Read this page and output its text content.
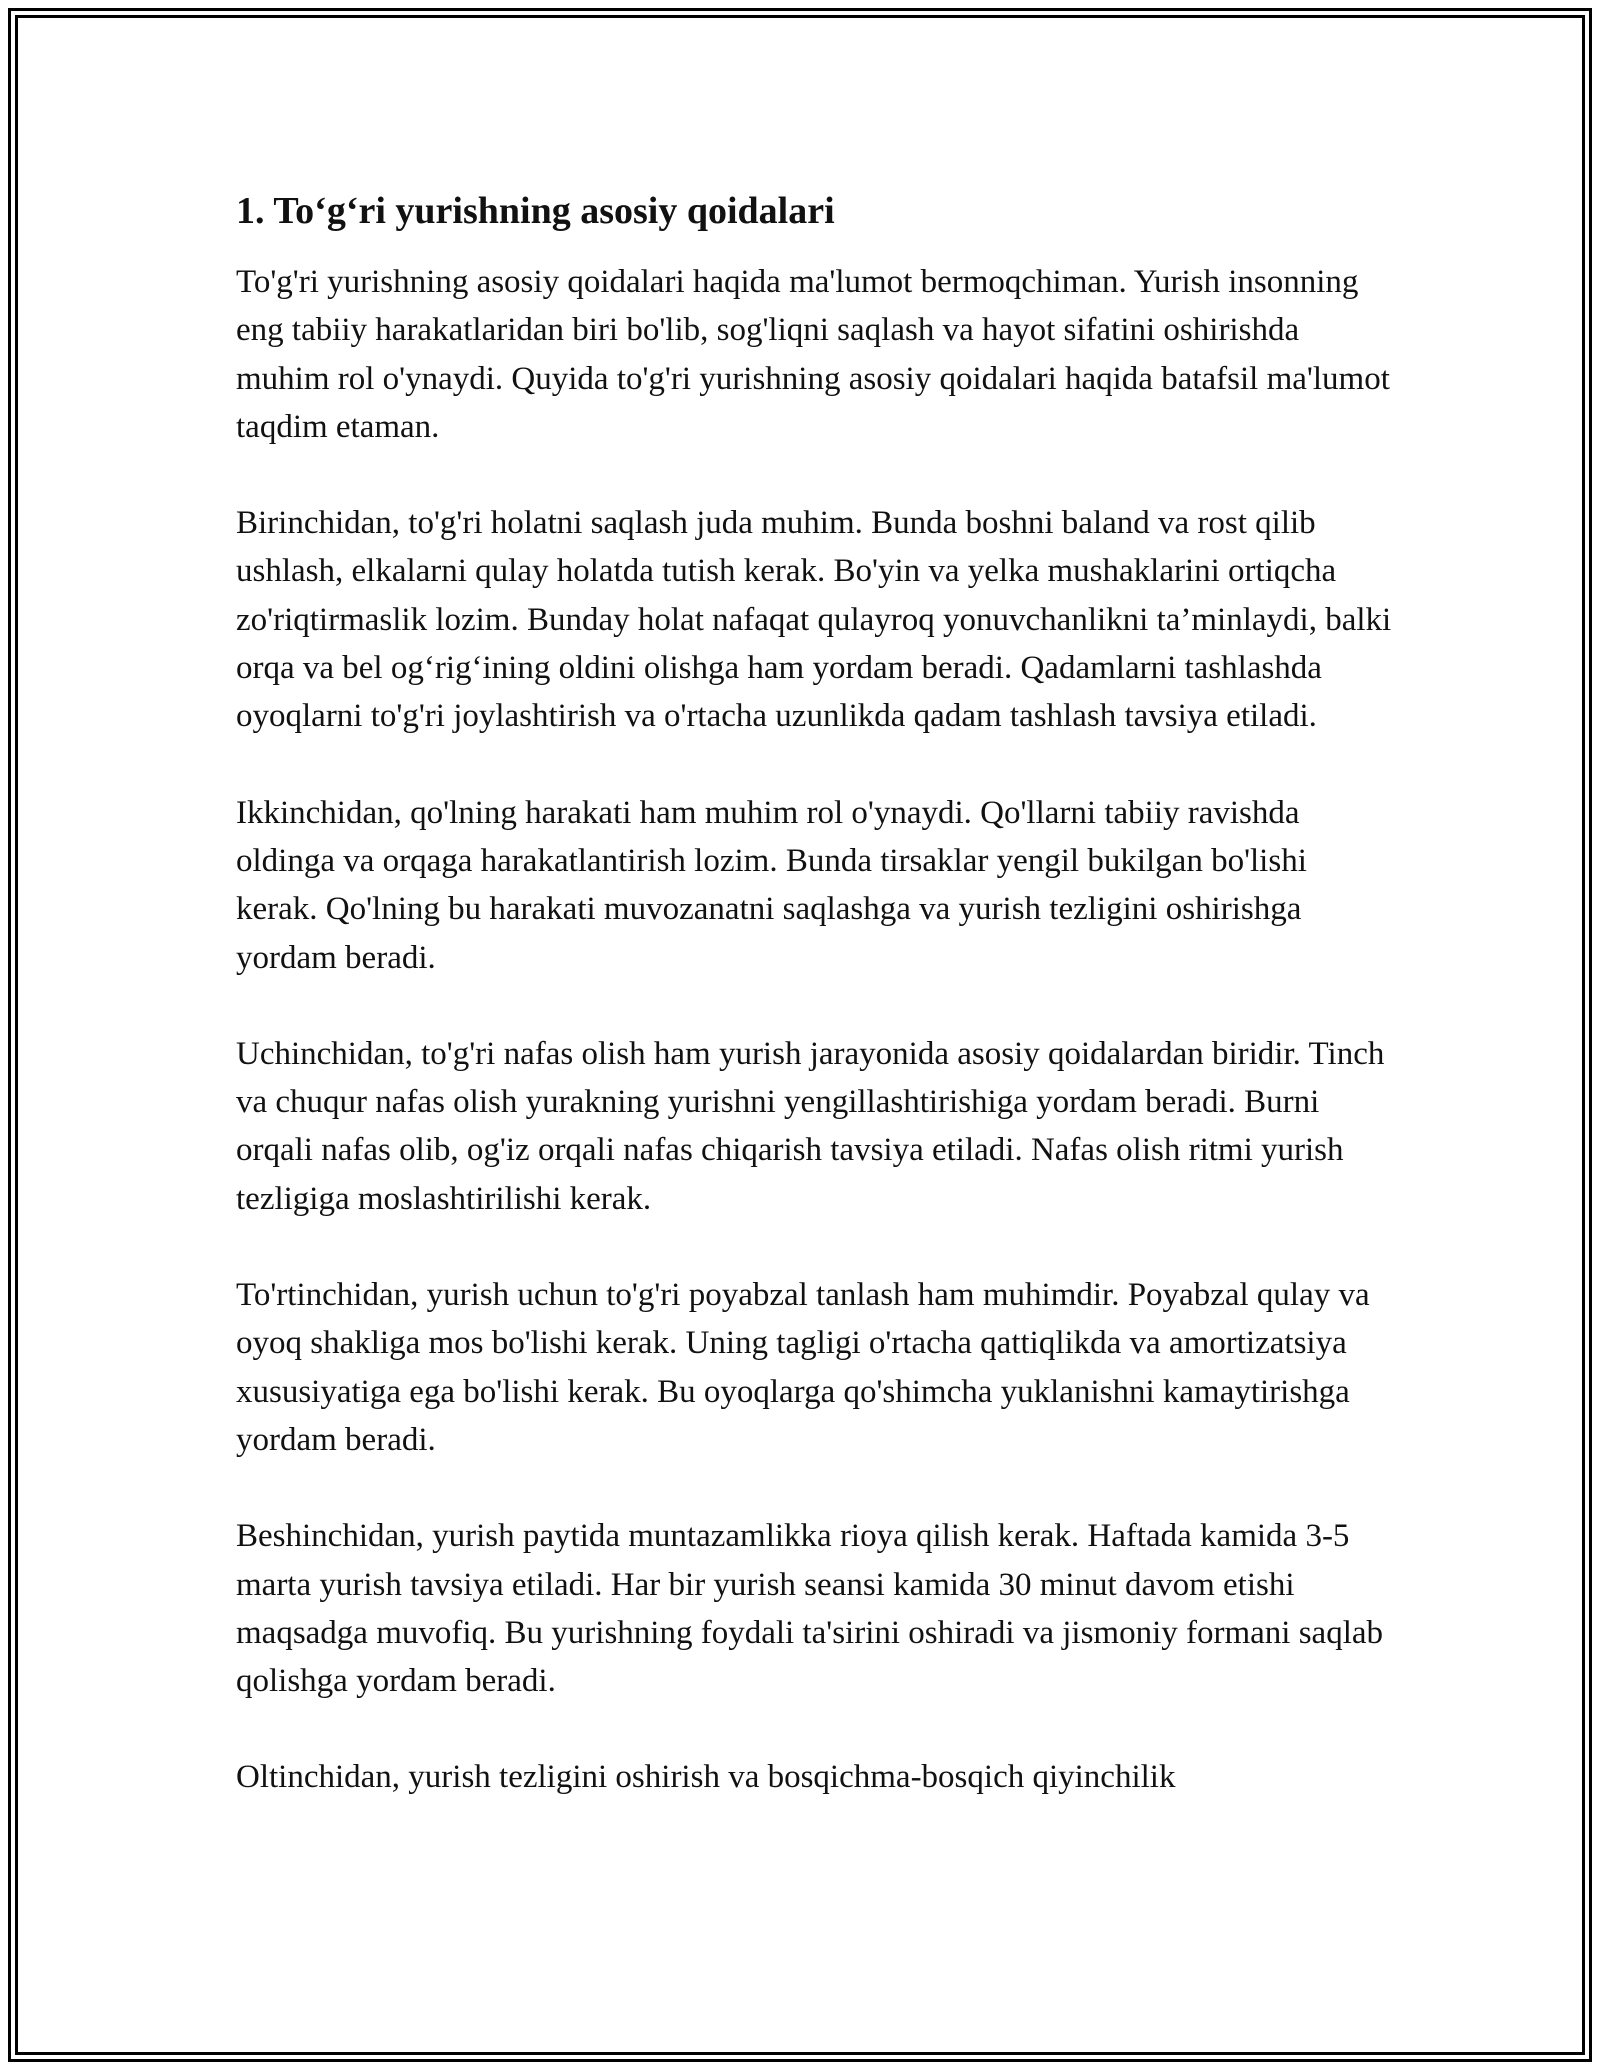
1. To‘g‘ri yurishning asosiy qoidalari

To'g'ri yurishning asosiy qoidalari haqida ma'lumot bermoqchiman. Yurish insonning eng tabiiy harakatlaridan biri bo'lib, sog'liqni saqlash va hayot sifatini oshirishda muhim rol o'ynaydi. Quyida to'g'ri yurishning asosiy qoidalari haqida batafsil ma'lumot taqdim etaman.

Birinchidan, to'g'ri holatni saqlash juda muhim. Bunda boshni baland va rost qilib ushlash, elkalarni qulay holatda tutish kerak. Bo'yin va yelka mushaklarini ortiqcha zo'riqtirmaslik lozim. Bunday holat nafaqat qulayroq yonuvchanlikni ta’minlaydi, balki orqa va bel og‘rig‘ining oldini olishga ham yordam beradi. Qadamlarni tashlashda oyoqlarni to'g'ri joylashtirish va o'rtacha uzunlikda qadam tashlash tavsiya etiladi.

Ikkinchidan, qo'lning harakati ham muhim rol o'ynaydi. Qo'llarni tabiiy ravishda oldinga va orqaga harakatlantirish lozim. Bunda tirsaklar yengil bukilgan bo'lishi kerak. Qo'lning bu harakati muvozanatni saqlashga va yurish tezligini oshirishga yordam beradi.

Uchinchidan, to'g'ri nafas olish ham yurish jarayonida asosiy qoidalardan biridir. Tinch va chuqur nafas olish yurakning yurishni yengillashtirishiga yordam beradi. Burni orqali nafas olib, og'iz orqali nafas chiqarish tavsiya etiladi. Nafas olish ritmi yurish tezligiga moslashtirilishi kerak.

To'rtinchidan, yurish uchun to'g'ri poyabzal tanlash ham muhimdir. Poyabzal qulay va oyoq shakliga mos bo'lishi kerak. Uning tagligi o'rtacha qattiqlikda va amortizatsiya xususiyatiga ega bo'lishi kerak. Bu oyoqlarga qo'shimcha yuklanishni kamaytirishga yordam beradi.

Beshinchidan, yurish paytida muntazamlikka rioya qilish kerak. Haftada kamida 3-5 marta yurish tavsiya etiladi. Har bir yurish seansi kamida 30 minut davom etishi maqsadga muvofiq. Bu yurishning foydali ta'sirini oshiradi va jismoniy formani saqlab qolishga yordam beradi.

Oltinchidan, yurish tezligini oshirish va bosqichma-bosqich qiyinchilik
